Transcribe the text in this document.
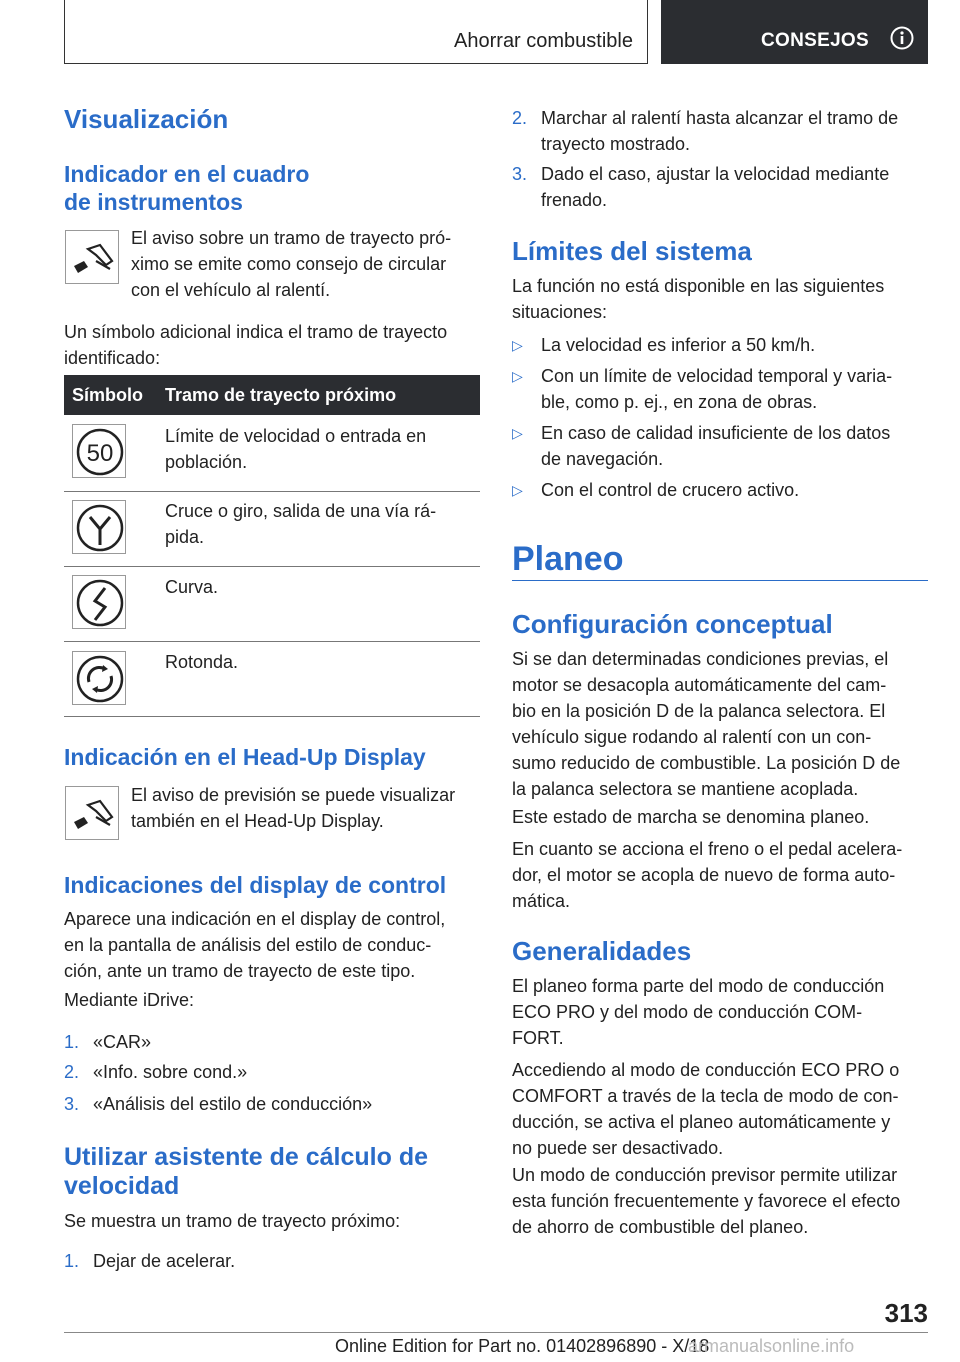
Ahorrar combustible	CONSEJOS
Visualización
Indicador en el cuadro
de instrumentos
El aviso sobre un tramo de trayecto pró-
ximo se emite como consejo de circular
con el vehículo al ralentí.
Un símbolo adicional indica el tramo de trayecto
identificado:
Símbolo Tramo de trayecto próximo
50
Límite de velocidad o entrada en
población.
Cruce o giro, salida de una vía rá-
pida.
Curva.
Rotonda.
Indicación en el Head-Up Display
El aviso de previsión se puede visualizar
también en el Head-Up Display.
Indicaciones del display de control
Aparece una indicación en el display de control,
en la pantalla de análisis del estilo de conduc-
ción, ante un tramo de trayecto de este tipo.
Mediante iDrive:
1. «CAR»
2. «Info. sobre cond.»
3. «Análisis del estilo de conducción»
Utilizar asistente de cálculo de
velocidad
Se muestra un tramo de trayecto próximo:
1. Dejar de acelerar.
2. Marchar al ralentí hasta alcanzar el tramo de
trayecto mostrado.
3. Dado el caso, ajustar la velocidad mediante
frenado.
Límites del sistema
La función no está disponible en las siguientes
situaciones:
▷ La velocidad es inferior a 50 km/h.
▷ Con un límite de velocidad temporal y varia-
ble, como p. ej., en zona de obras.
▷ En caso de calidad insuficiente de los datos
de navegación.
▷ Con el control de crucero activo.
Planeo
Configuración conceptual
Si se dan determinadas condiciones previas, el
motor se desacopla automáticamente del cam-
bio en la posición D de la palanca selectora. El
vehículo sigue rodando al ralentí con un con-
sumo reducido de combustible. La posición D de
la palanca selectora se mantiene acoplada.
Este estado de marcha se denomina planeo.
En cuanto se acciona el freno o el pedal acelera-
dor, el motor se acopla de nuevo de forma auto-
mática.
Generalidades
El planeo forma parte del modo de conducción
ECO PRO y del modo de conducción COM-
FORT.
Accediendo al modo de conducción ECO PRO o
COMFORT a través de la tecla de modo de con-
ducción, se activa el planeo automáticamente y
no puede ser desactivado.
Un modo de conducción previsor permite utilizar
esta función frecuentemente y favorece el efecto
de ahorro de combustible del planeo.
313
Online Edition for Part no. 01402896890 - X/18
armanualsonline.info
